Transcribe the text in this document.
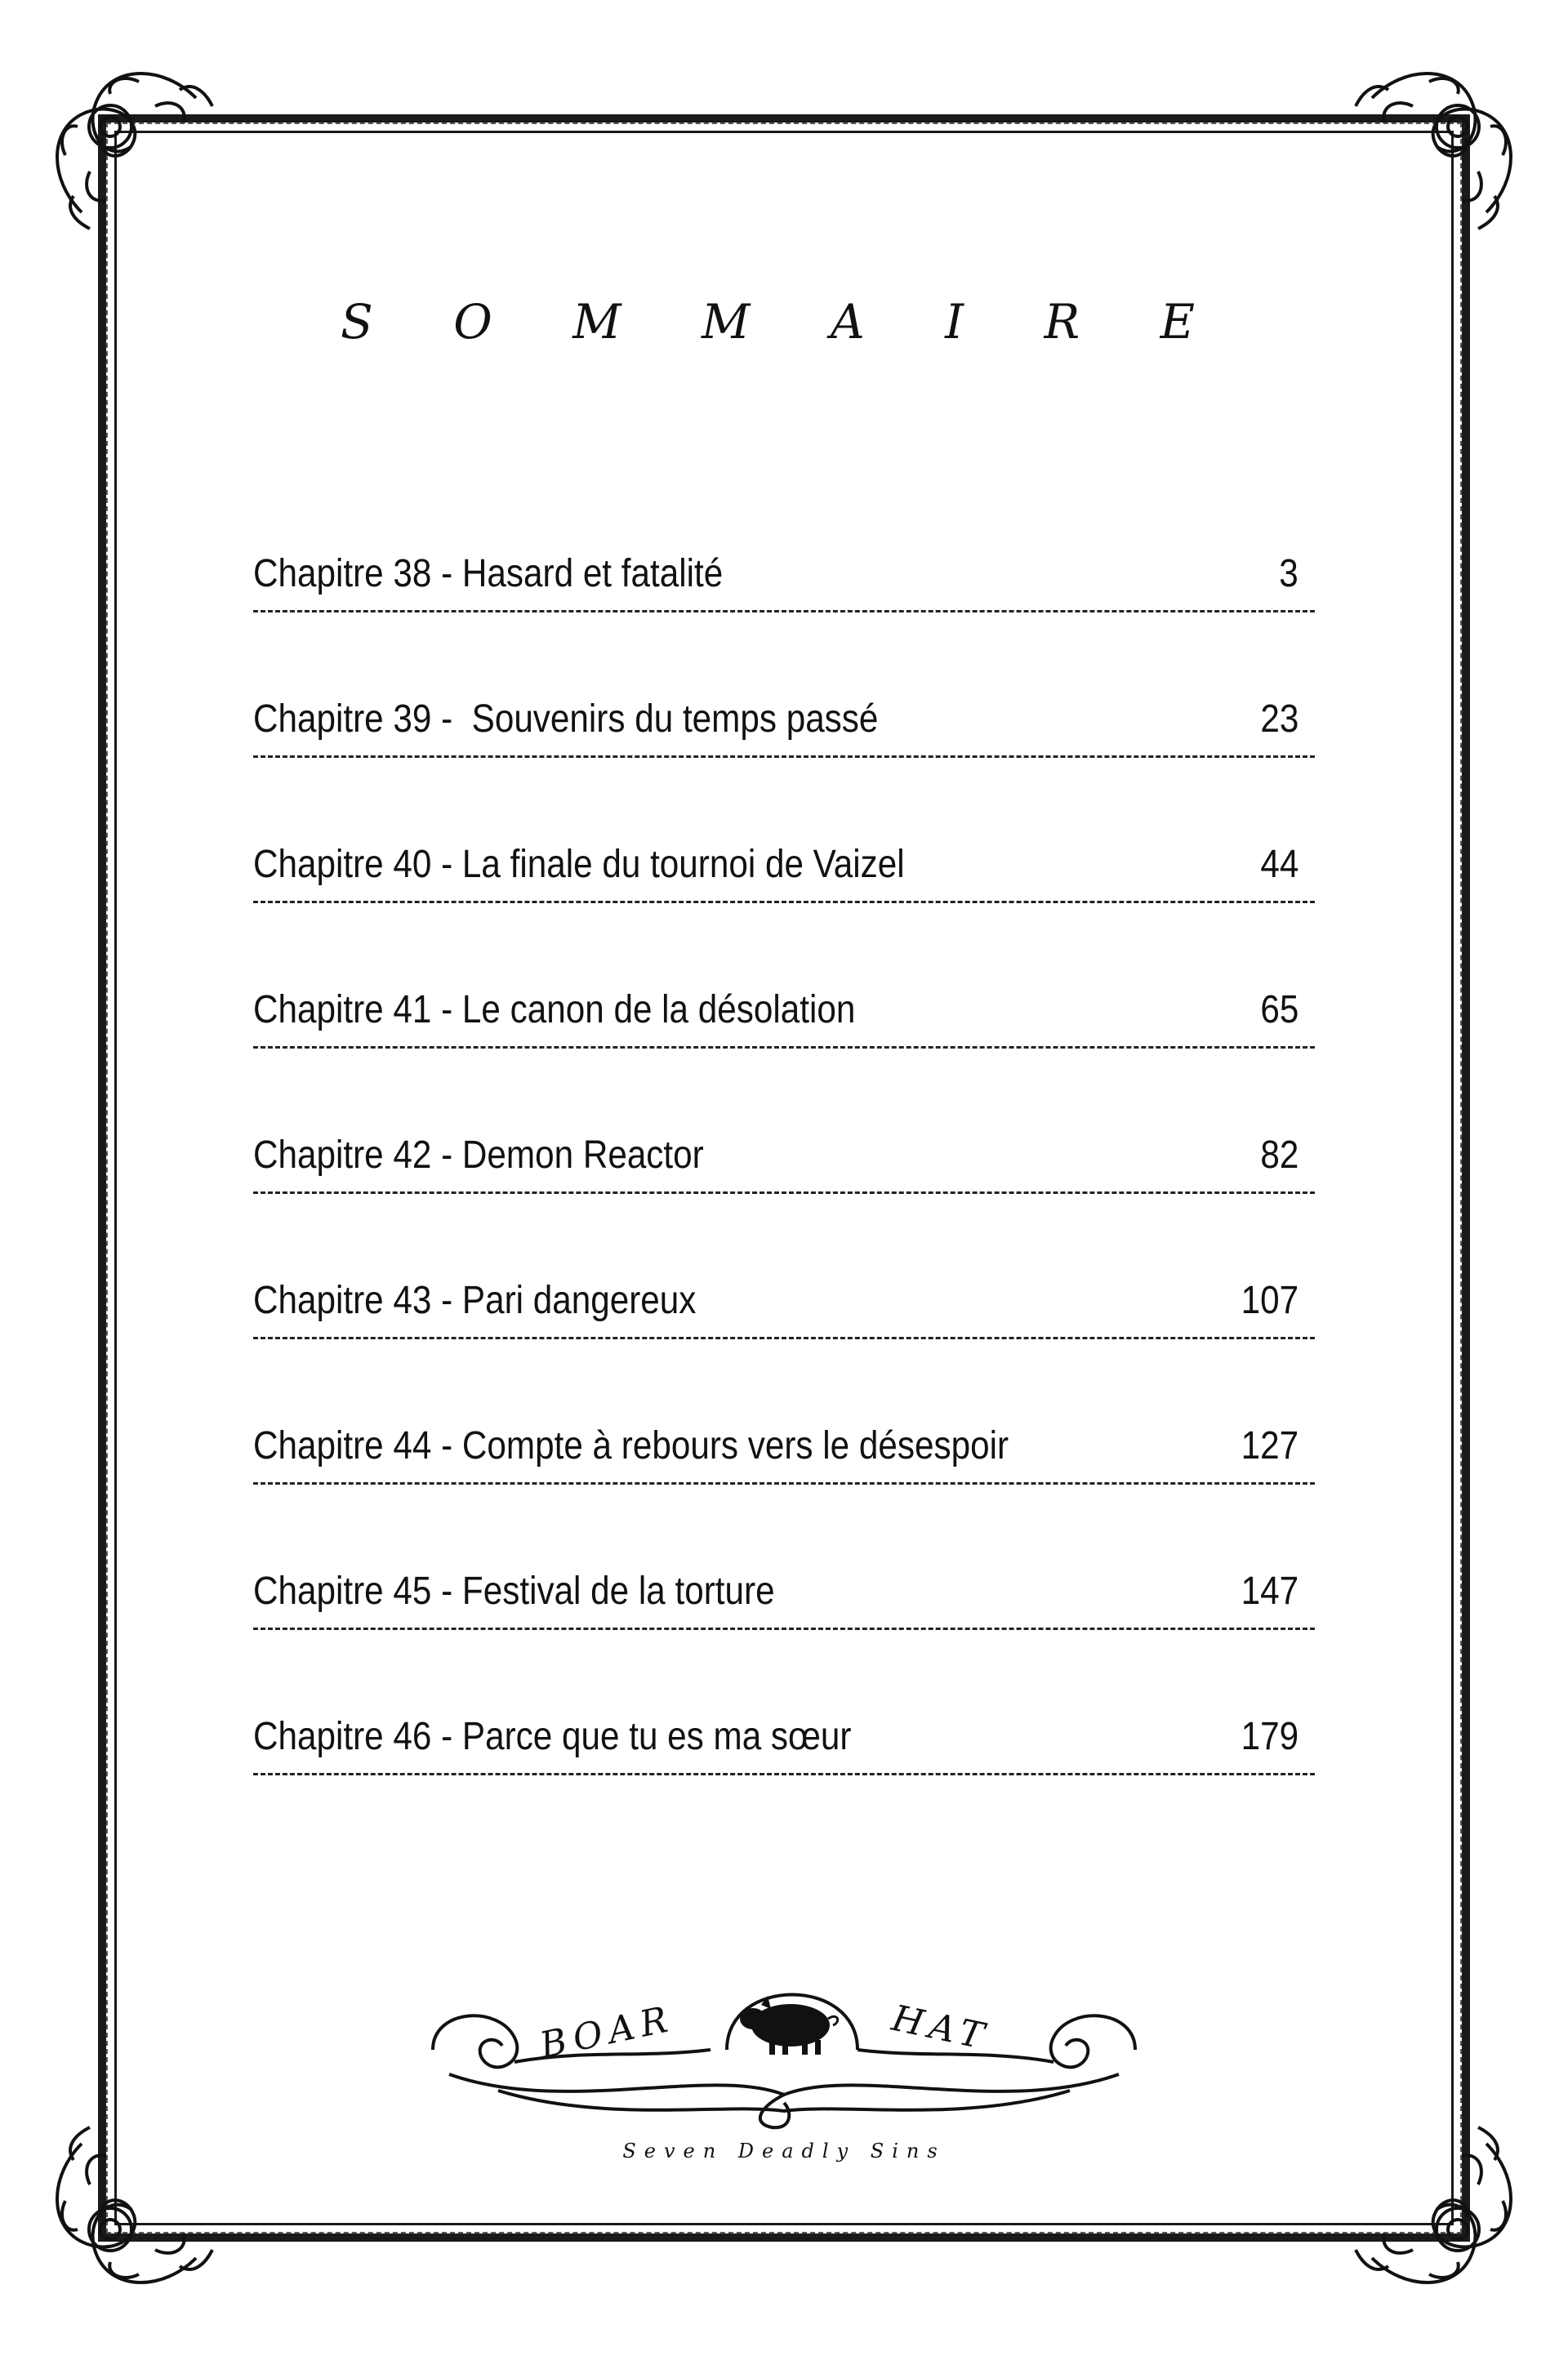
S O M M A I R E
Chapitre 38 - Hasard et fatalité	3
Chapitre 39 -  Souvenirs du temps passé	23
Chapitre 40 - La finale du tournoi de Vaizel	44
Chapitre 41 - Le canon de la désolation	65
Chapitre 42 - Demon Reactor	82
Chapitre 43 - Pari dangereux	107
Chapitre 44 - Compte à rebours vers le désespoir	127
Chapitre 45 - Festival de la torture	147
Chapitre 46 - Parce que tu es ma sœur	179
BOAR	HAT
Seven Deadly Sins
